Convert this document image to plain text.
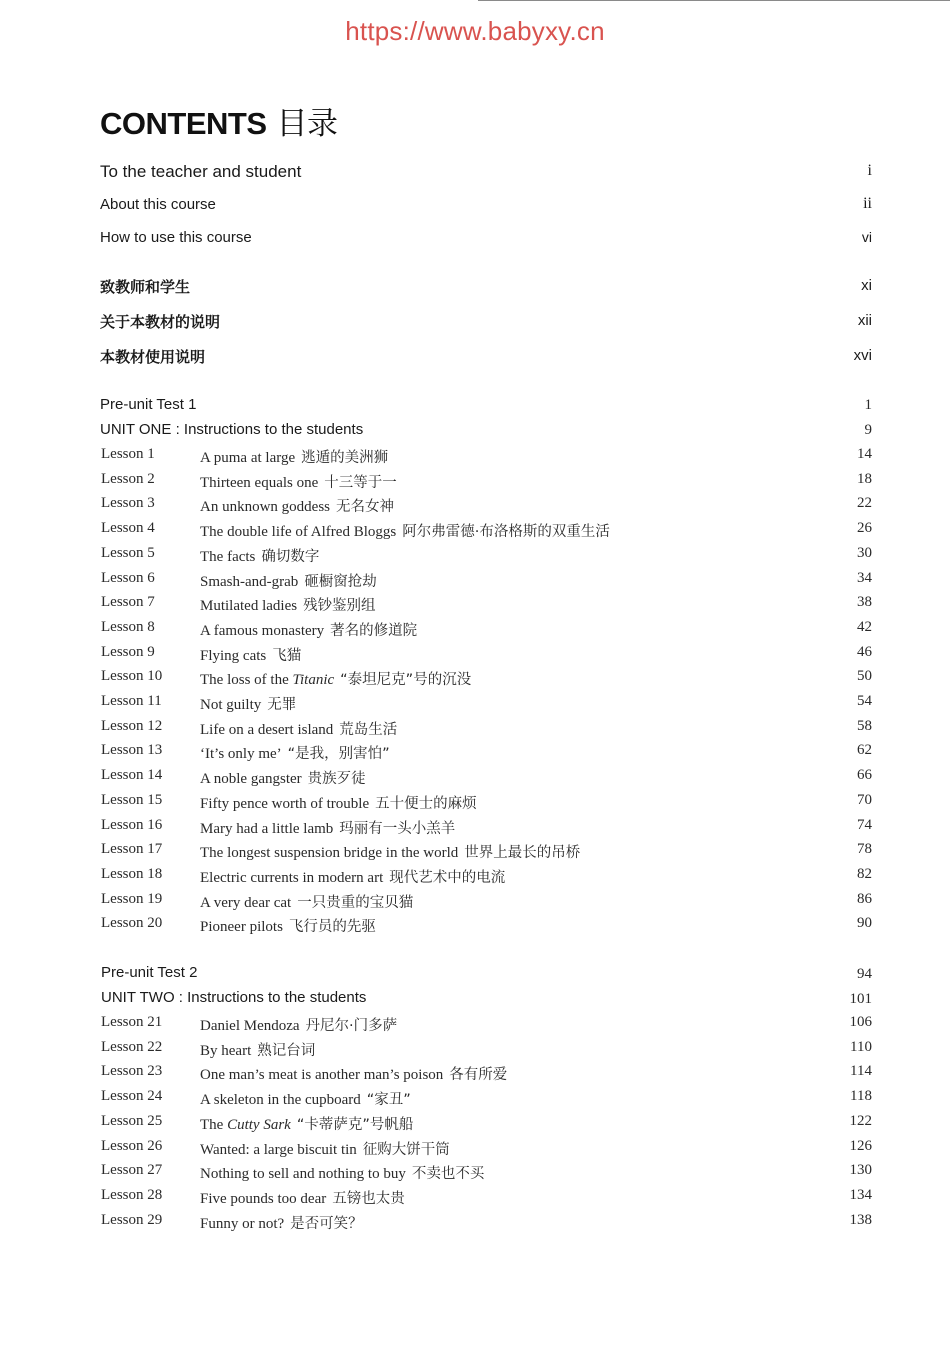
https://www.babyxy.cn
CONTENTS 目录
To the teacher and student	i
About this course	ii
How to use this course	vi
致教师和学生	xi
关于本教材的说明	xii
本教材使用说明	xvi
Pre-unit Test 1	1
UNIT ONE : Instructions to the students	9
Lesson 1	A puma at large 逃遁的美洲狮	14
Lesson 2	Thirteen equals one 十三等于一	18
Lesson 3	An unknown goddess 无名女神	22
Lesson 4	The double life of Alfred Bloggs 阿尔弗雷德·布洛格斯的双重生活	26
Lesson 5	The facts 确切数字	30
Lesson 6	Smash-and-grab 砸橱窗抢劫	34
Lesson 7	Mutilated ladies 残钞鉴别组	38
Lesson 8	A famous monastery 著名的修道院	42
Lesson 9	Flying cats 飞猫	46
Lesson 10	The loss of the Titanic “泰坦尼克”号的沉没	50
Lesson 11	Not guilty 无罪	54
Lesson 12	Life on a desert island 荒岛生活	58
Lesson 13	‘It’s only me’ “是我，别害怕”	62
Lesson 14	A noble gangster 贵族歹徒	66
Lesson 15	Fifty pence worth of trouble 五十便士的麻烦	70
Lesson 16	Mary had a little lamb 玛丽有一头小羔羊	74
Lesson 17	The longest suspension bridge in the world 世界上最长的吊桥	78
Lesson 18	Electric currents in modern art 现代艺术中的电流	82
Lesson 19	A very dear cat 一只贵重的宝贝猫	86
Lesson 20	Pioneer pilots 飞行员的先驱	90
Pre-unit Test 2	94
UNIT TWO : Instructions to the students	101
Lesson 21	Daniel Mendoza 丹尼尔·门多萨	106
Lesson 22	By heart 熟记台词	110
Lesson 23	One man’s meat is another man’s poison 各有所爱	114
Lesson 24	A skeleton in the cupboard “家丑”	118
Lesson 25	The Cutty Sark “卡蒂萨克”号帆船	122
Lesson 26	Wanted: a large biscuit tin 征购大饼干筒	126
Lesson 27	Nothing to sell and nothing to buy 不卖也不买	130
Lesson 28	Five pounds too dear 五镑也太贵	134
Lesson 29	Funny or not? 是否可笑？	138
